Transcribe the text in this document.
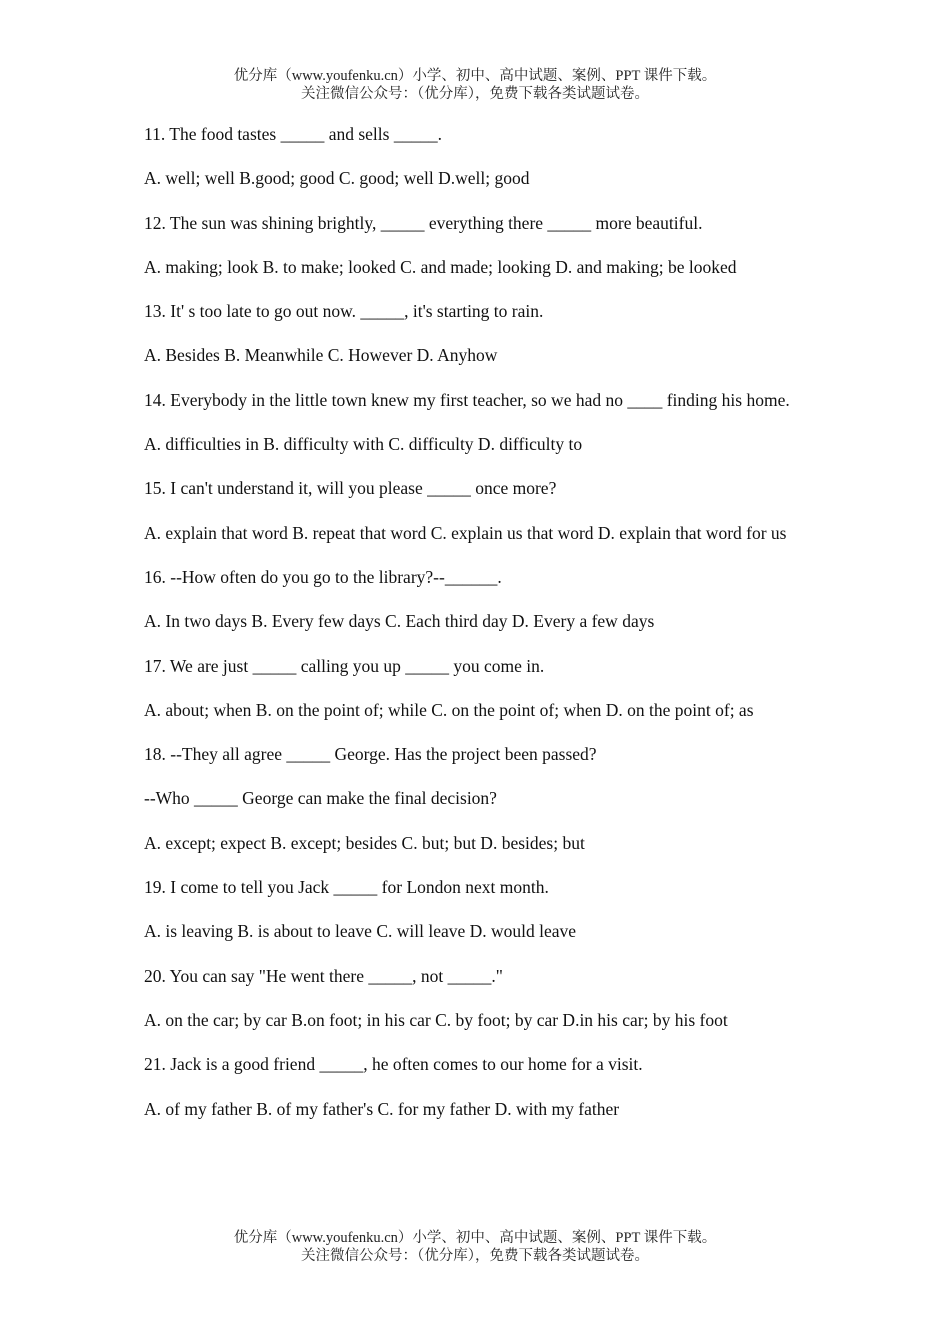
优分库（www.youfenku.cn）小学、初中、高中试题、案例、PPT 课件下载。
关注微信公众号：（优分库），免费下载各类试题试卷。

11. The food tastes _____ and sells _____.

A. well; well B.good; good C. good; well D.well; good

12. The sun was shining brightly, _____ everything there _____ more beautiful.

A. making; look B. to make; looked C. and made; looking D. and making; be looked

13. It' s too late to go out now. _____, it's starting to rain.

A. Besides B. Meanwhile C. However D. Anyhow

14. Everybody in the little town knew my first teacher, so we had no ____ finding his home.

A. difficulties in B. difficulty with C. difficulty D. difficulty to

15. I can't understand it, will you please _____ once more?

A. explain that word B. repeat that word C. explain us that word D. explain that word for us

16. --How often do you go to the library?--______.

A. In two days B. Every few days C. Each third day D. Every a few days

17. We are just _____ calling you up _____ you come in.

A. about; when B. on the point of; while C. on the point of; when D. on the point of; as

18. --They all agree _____ George. Has the project been passed?

--Who _____ George can make the final decision?

A. except; expect B. except; besides C. but; but D. besides; but

19. I come to tell you Jack _____ for London next month.

A. is leaving B. is about to leave C. will leave D. would leave

20. You can say "He went there _____, not _____."

A. on the car; by car B.on foot; in his car C. by foot; by car D.in his car; by his foot

21. Jack is a good friend _____, he often comes to our home for a visit.

A. of my father B. of my father's C. for my father D. with my father

优分库（www.youfenku.cn）小学、初中、高中试题、案例、PPT 课件下载。
关注微信公众号：（优分库），免费下载各类试题试卷。
